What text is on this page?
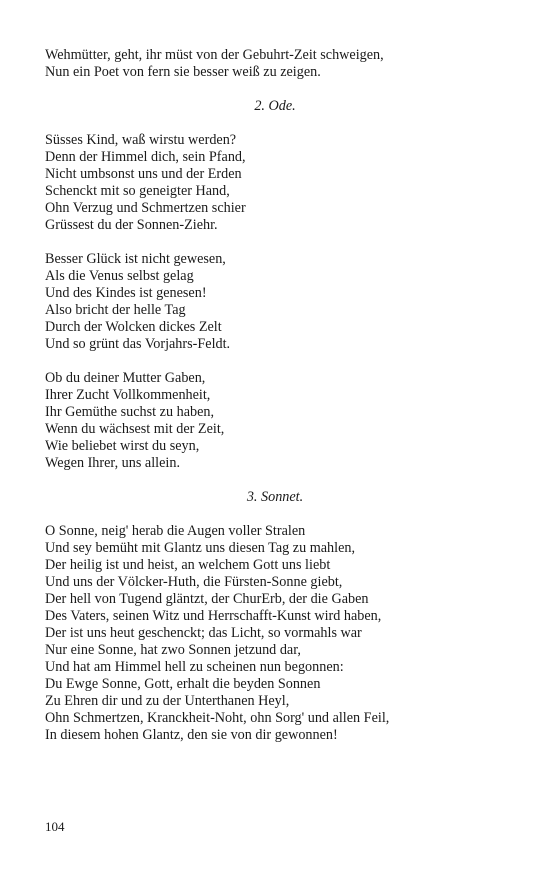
Wehmütter, geht, ihr müst von der Gebuhrt-Zeit schweigen,
Nun ein Poet von fern sie besser weiß zu zeigen.
2. Ode.
Süsses Kind, waß wirstu werden?
Denn der Himmel dich, sein Pfand,
Nicht umbsonst uns und der Erden
Schenckt mit so geneigter Hand,
Ohn Verzug und Schmertzen schier
Grüssest du der Sonnen-Ziehr.
Besser Glück ist nicht gewesen,
Als die Venus selbst gelag
Und des Kindes ist genesen!
Also bricht der helle Tag
Durch der Wolcken dickes Zelt
Und so grünt das Vorjahrs-Feldt.
Ob du deiner Mutter Gaben,
Ihrer Zucht Vollkommenheit,
Ihr Gemüthe suchst zu haben,
Wenn du wächsest mit der Zeit,
Wie beliebet wirst du seyn,
Wegen Ihrer, uns allein.
3. Sonnet.
O Sonne, neig' herab die Augen voller Stralen
Und sey bemüht mit Glantz uns diesen Tag zu mahlen,
Der heilig ist und heist, an welchem Gott uns liebt
Und uns der Völcker-Huth, die Fürsten-Sonne giebt,
Der hell von Tugend gläntzt, der ChurErb, der die Gaben
Des Vaters, seinen Witz und Herrschafft-Kunst wird haben,
Der ist uns heut geschenckt; das Licht, so vormahls war
Nur eine Sonne, hat zwo Sonnen jetzund dar,
Und hat am Himmel hell zu scheinen nun begonnen:
Du Ewge Sonne, Gott, erhalt die beyden Sonnen
Zu Ehren dir und zu der Unterthanen Heyl,
Ohn Schmertzen, Kranckheit-Noht, ohn Sorg' und allen Feil,
In diesem hohen Glantz, den sie von dir gewonnen!
104
